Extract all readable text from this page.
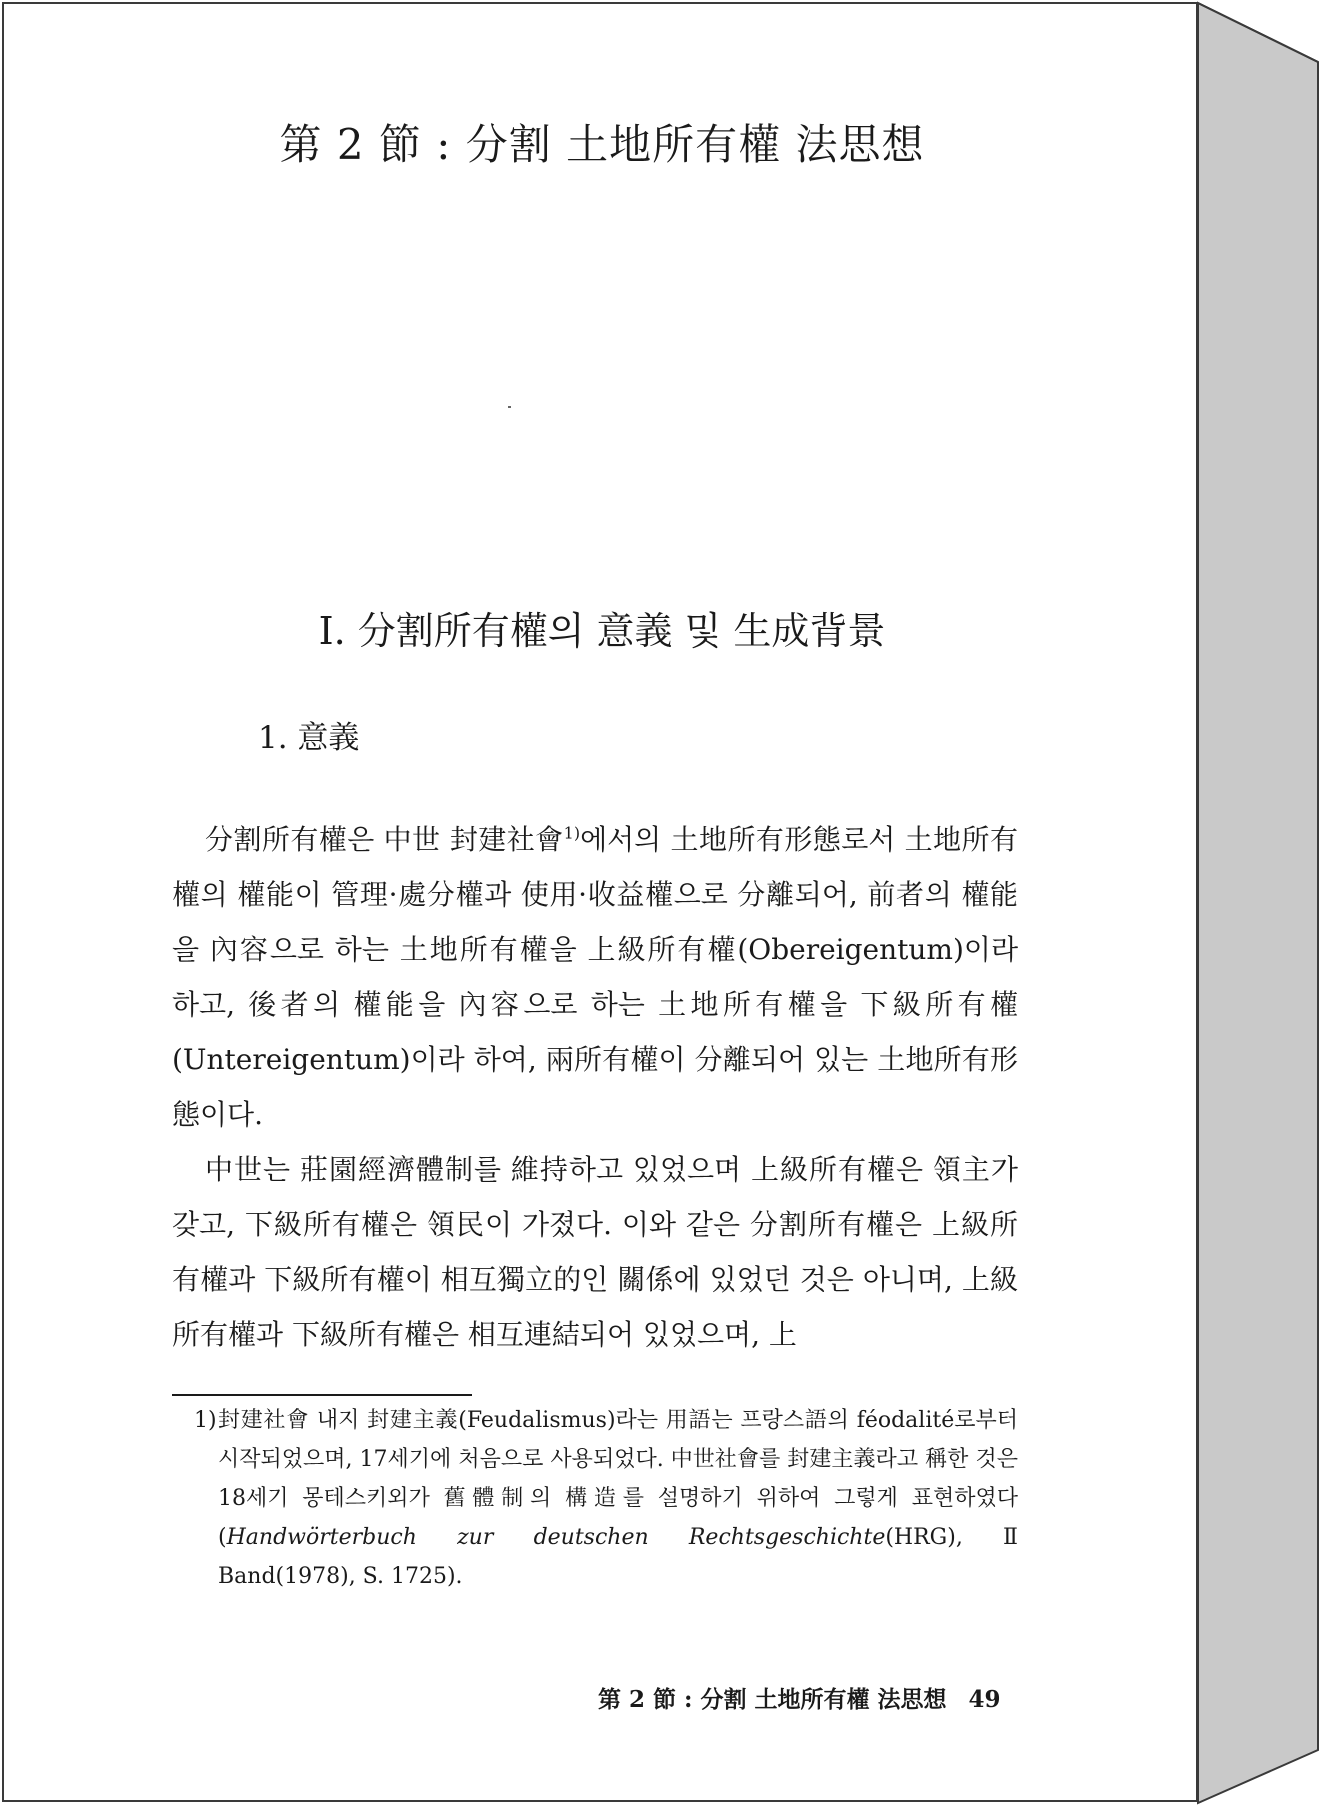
第 2 節 : 分割 土地所有權 法思想
Ⅰ. 分割所有權의 意義 및 生成背景
1. 意義

分割所有權은 中世 封建社會$^{1)}$에서의 土地所有形態로서 土地所有權의 權能이 管理·處分權과 使用·收益權으로 分離되어, 前者의 權能을 內容으로 하는 土地所有權을 上級所有權(Obereigentum)이라 하고, 後者의 權能을 內容으로 하는 土地所有權을 下級所有權(Untereigentum)이라 하여, 兩所有權이 分離되어 있는 土地所有形態이다.

中世는 莊園經濟體制를 維持하고 있었으며 上級所有權은 領主가 갖고, 下級所有權은 領民이 가졌다. 이와 같은 分割所有權은 上級所有權과 下級所有權이 相互獨立的인 關係에 있었던 것은 아니며, 上級所有權과 下級所有權은 相互連結되어 있었으며, 上

1) 封建社會 내지 封建主義(Feudalismus)라는 用語는 프랑스語의 féodalité로부터 시작되었으며, 17세기에 처음으로 사용되었다. 中世社會를 封建主義라고 稱한 것은 18세기 몽테스키외가 舊體制의 構造를 설명하기 위하여 그렇게 표현하였다(Handwörterbuch zur deutschen Rechtsgeschichte(HRG), Ⅱ Band(1978), S. 1725).
第 2 節 : 分割 土地所有權 法思想 49
